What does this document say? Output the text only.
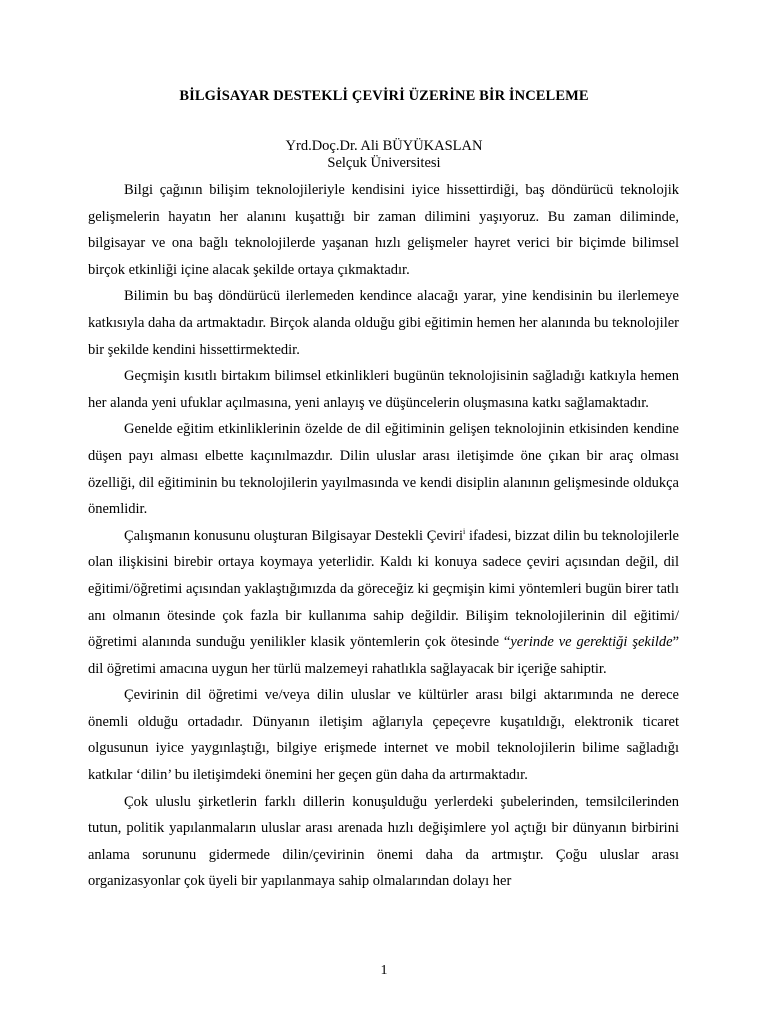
BİLGİSAYAR DESTEKLİ ÇEVİRİ ÜZERİNE BİR İNCELEME
Yrd.Doç.Dr. Ali BÜYÜKASLAN
Selçuk Üniversitesi

Bilgi çağının bilişim teknolojileriyle kendisini iyice hissettirdiği, baş döndürücü teknolojik gelişmelerin hayatın her alanını kuşattığı bir zaman dilimini yaşıyoruz. Bu zaman diliminde, bilgisayar ve ona bağlı teknolojilerde yaşanan hızlı gelişmeler hayret verici bir biçimde bilimsel birçok etkinliği içine alacak şekilde ortaya çıkmaktadır.

Bilimin bu baş döndürücü ilerlemeden kendince alacağı yarar, yine kendisinin bu ilerlemeye katkısıyla daha da artmaktadır. Birçok alanda olduğu gibi eğitimin hemen her alanında bu teknolojiler bir şekilde kendini hissettirmektedir.

Geçmişin kısıtlı birtakım bilimsel etkinlikleri bugünün teknolojisinin sağladığı katkıyla hemen her alanda yeni ufuklar açılmasına, yeni anlayış ve düşüncelerin oluşmasına katkı sağlamaktadır.

Genelde eğitim etkinliklerinin özelde de dil eğitiminin gelişen teknolojinin etkisinden kendine düşen payı alması elbette kaçınılmazdır. Dilin uluslar arası iletişimde öne çıkan bir araç olması özelliği, dil eğitiminin bu teknolojilerin yayılmasında ve kendi disiplin alanının gelişmesinde oldukça önemlidir.

Çalışmanın konusunu oluşturan Bilgisayar Destekli Çeviri$^i$ ifadesi, bizzat dilin bu teknolojilerle olan ilişkisini birebir ortaya koymaya yeterlidir. Kaldı ki konuya sadece çeviri açısından değil, dil eğitimi/öğretimi açısından yaklaştığımızda da göreceğiz ki geçmişin kimi yöntemleri bugün birer tatlı anı olmanın ötesinde çok fazla bir kullanıma sahip değildir. Bilişim teknolojilerinin dil eğitimi/öğretimi alanında sunduğu yenilikler klasik yöntemlerin çok ötesinde “yerinde ve gerektiği şekilde” dil öğretimi amacına uygun her türlü malzemeyi rahatlıkla sağlayacak bir içeriğe sahiptir.

Çevirinin dil öğretimi ve/veya dilin uluslar ve kültürler arası bilgi aktarımında ne derece önemli olduğu ortadadır. Dünyanın iletişim ağlarıyla çepeçevre kuşatıldığı, elektronik ticaret olgusunun iyice yaygınlaştığı, bilgiye erişmede internet ve mobil teknolojilerin bilime sağladığı katkılar ‘dilin’ bu iletişimdeki önemini her geçen gün daha da artırmaktadır.

Çok uluslu şirketlerin farklı dillerin konuşulduğu yerlerdeki şubelerinden, temsilcilerinden tutun, politik yapılanmaların uluslar arası arenada hızlı değişimlere yol açtığı bir dünyanın birbirini anlama sorununu gidermede dilin/çevirinin önemi daha da artmıştır. Çoğu uluslar arası organizasyonlar çok üyeli bir yapılanmaya sahip olmalarından dolayı her

1
